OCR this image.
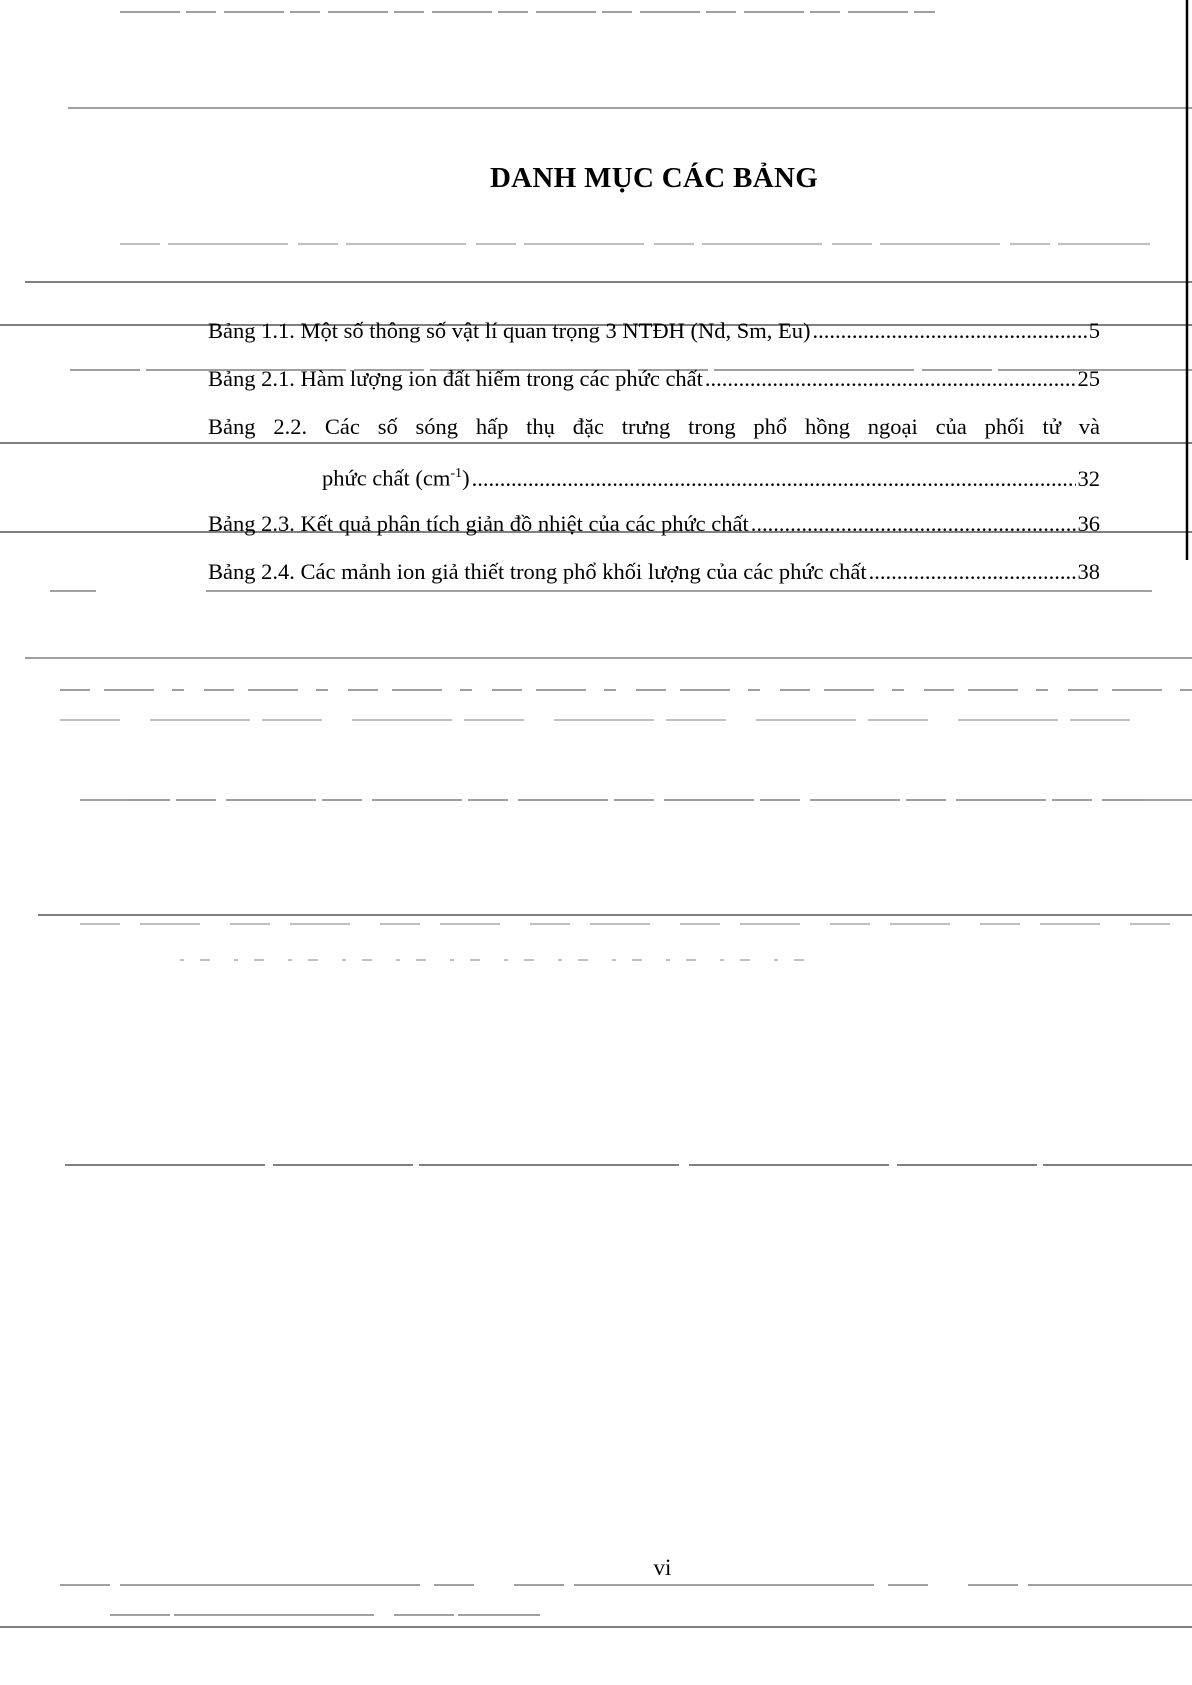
DANH MỤC CÁC BẢNG
Bảng 1.1. Một số thông số vật lí quan trọng 3 NTĐH (Nd, Sm, Eu) .....	5
Bảng 2.1. Hàm lượng ion đất hiếm trong các phức chất .....	25
Bảng 2.2. Các số sóng hấp thụ đặc trưng trong phổ hồng ngoại của phối tử và
phức chất $(cm^{-1})$ .....	32
Bảng 2.3. Kết quả phân tích giản đồ nhiệt của các phức chất .....	36
Bảng 2.4. Các mảnh ion giả thiết trong phổ khối lượng của các phức chất .....	38
vi
